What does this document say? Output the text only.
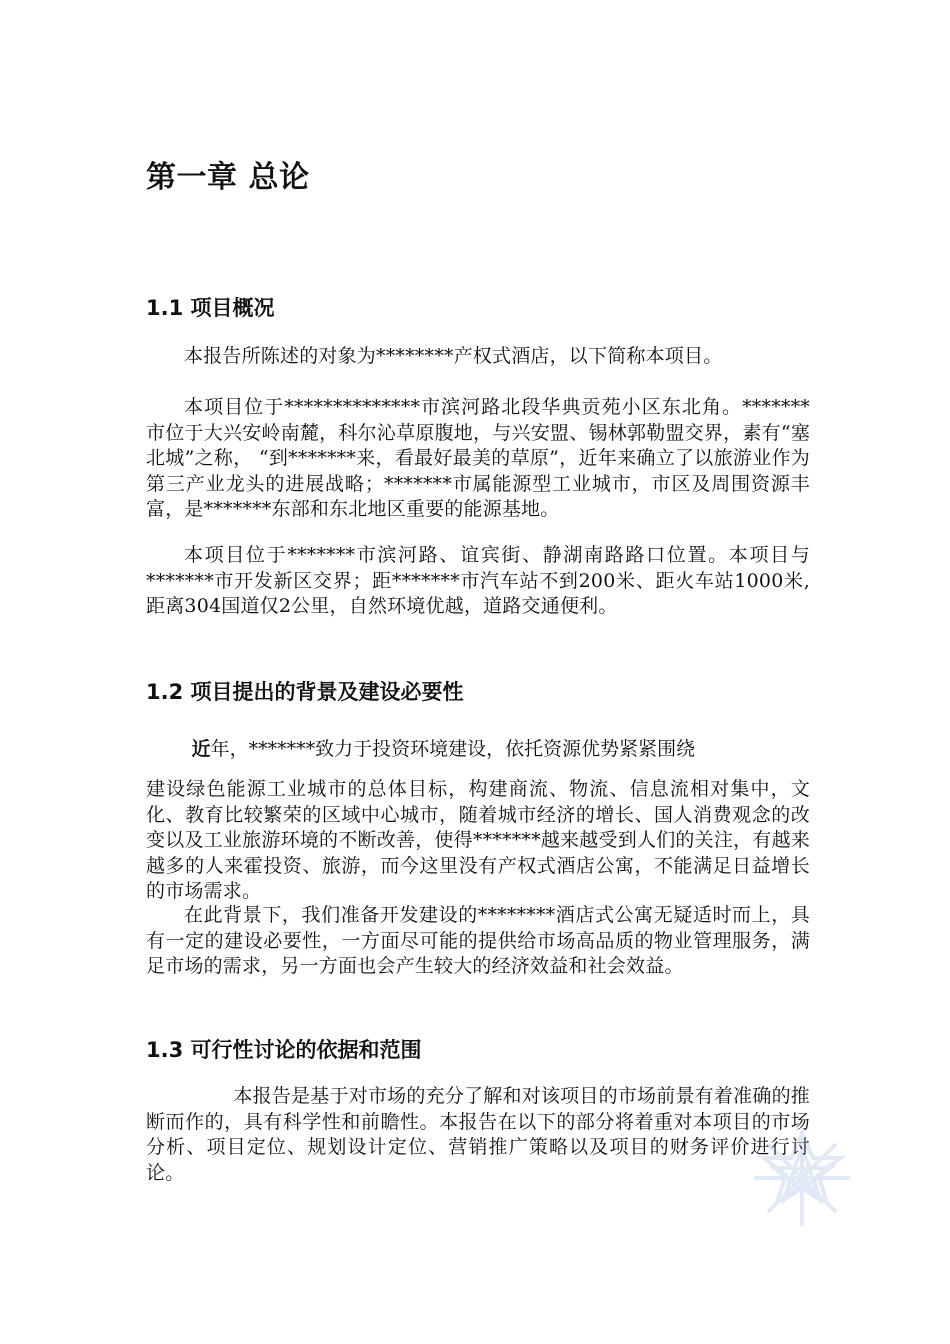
第一章 总论
1.1 项目概况

本报告所陈述的对象为********产权式酒店，以下简称本项目。

本项目位于**************市滨河路北段华典贡苑小区东北角。*******市位于大兴安岭南麓，科尔沁草原腹地，与兴安盟、锡林郭勒盟交界，素有“塞北城”之称， “到*******来，看最好最美的草原”，近年来确立了以旅游业作为第三产业龙头的进展战略；*******市属能源型工业城市，市区及周围资源丰富，是*******东部和东北地区重要的能源基地。

本项目位于*******市滨河路、谊宾街、静湖南路路口位置。本项目与*******市开发新区交界；距*******市汽车站不到200米、距火车站1000米,距离304国道仅2公里，自然环境优越，道路交通便利。

1.2 项目提出的背景及建设必要性

近年，*******致力于投资环境建设，依托资源优势紧紧围绕

建设绿色能源工业城市的总体目标，构建商流、物流、信息流相对集中，文化、教育比较繁荣的区域中心城市，随着城市经济的增长、国人消费观念的改变以及工业旅游环境的不断改善，使得*******越来越受到人们的关注，有越来越多的人来霍投资、旅游，而今这里没有产权式酒店公寓，不能满足日益增长的市场需求。

在此背景下，我们准备开发建设的********酒店式公寓无疑适时而上，具有一定的建设必要性，一方面尽可能的提供给市场高品质的物业管理服务，满足市场的需求，另一方面也会产生较大的经济效益和社会效益。

1.3 可行性讨论的依据和范围

本报告是基于对市场的充分了解和对该项目的市场前景有着准确的推断而作的，具有科学性和前瞻性。本报告在以下的部分将着重对本项目的市场分析、项目定位、规划设计定位、营销推广策略以及项目的财务评价进行讨论。
